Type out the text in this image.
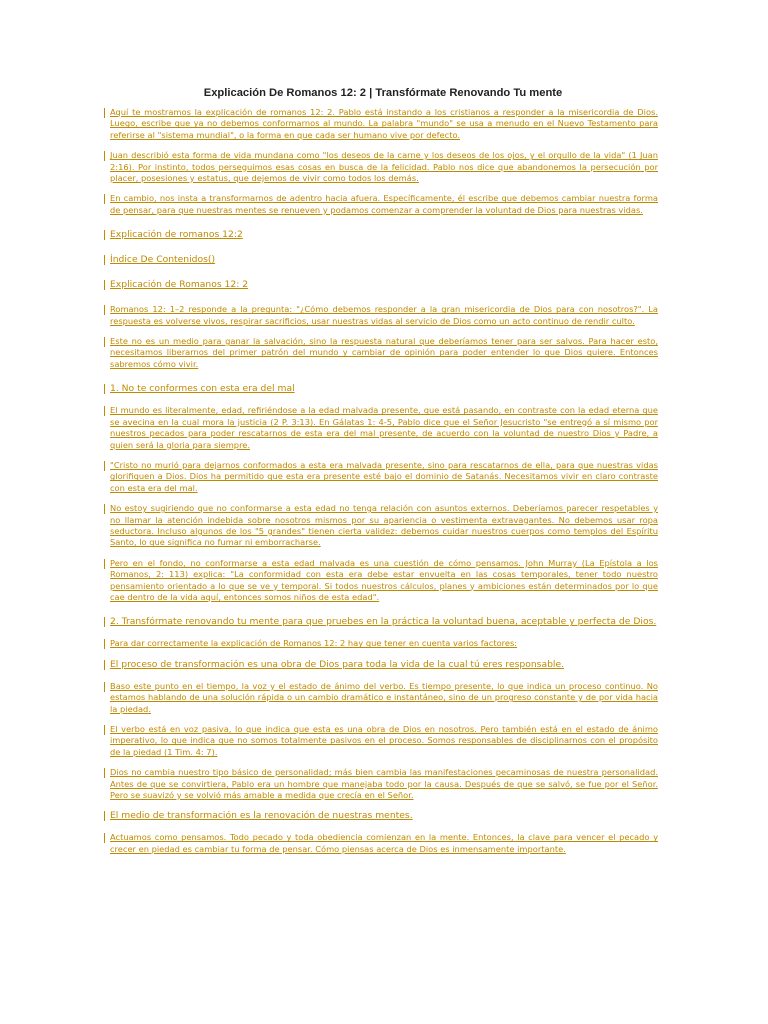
Explicación De Romanos 12: 2 | Transfórmate Renovando Tu mente
Aquí te mostramos la explicación de romanos 12: 2. Pablo está instando a los cristianos a responder a la misericordia de Dios. Luego, escribe que ya no debemos conformarnos al mundo. La palabra "mundo" se usa a menudo en el Nuevo Testamento para referirse al "sistema mundial", o la forma en que cada ser humano vive por defecto.
Juan describió esta forma de vida mundana como "los deseos de la carne y los deseos de los ojos, y el orgullo de la vida" (1 Juan 2:16). Por instinto, todos perseguimos esas cosas en busca de la felicidad. Pablo nos dice que abandonemos la persecución por placer, posesiones y estatus, que dejemos de vivir como todos los demás.
En cambio, nos insta a transformarnos de adentro hacia afuera. Específicamente, él escribe que debemos cambiar nuestra forma de pensar, para que nuestras mentes se renueven y podamos comenzar a comprender la voluntad de Dios para nuestras vidas.
Explicación de romanos 12:2
Índice De Contenidos()
Explicación de Romanos 12: 2
Romanos 12: 1–2 responde a la pregunta: "¿Cómo debemos responder a la gran misericordia de Dios para con nosotros?". La respuesta es volverse vivos, respirar sacrificios, usar nuestras vidas al servicio de Dios como un acto continuo de rendir culto.
Este no es un medio para ganar la salvación, sino la respuesta natural que deberíamos tener para ser salvos. Para hacer esto, necesitamos liberarnos del primer patrón del mundo y cambiar de opinión para poder entender lo que Dios quiere. Entonces sabremos cómo vivir.
1. No te conformes con esta era del mal
El mundo es literalmente, edad, refiriéndose a la edad malvada presente, que está pasando, en contraste con la edad eterna que se avecina en la cual mora la justicia (2 P. 3:13). En Gálatas 1: 4-5, Pablo dice que el Señor Jesucristo "se entregó a sí mismo por nuestros pecados para poder rescatarnos de esta era del mal presente, de acuerdo con la voluntad de nuestro Dios y Padre, a quien será la gloria para siempre.
"Cristo no murió para dejarnos conformados a esta era malvada presente, sino para rescatarnos de ella, para que nuestras vidas glorifiquen a Dios. Dios ha permitido que esta era presente esté bajo el dominio de Satanás. Necesitamos vivir en claro contraste con esta era del mal.
No estoy sugiriendo que no conformarse a esta edad no tenga relación con asuntos externos. Deberíamos parecer respetables y no llamar la atención indebida sobre nosotros mismos por su apariencia o vestimenta extravagantes. No debemos usar ropa seductora. Incluso algunos de los "5 grandes" tienen cierta validez: debemos cuidar nuestros cuerpos como templos del Espíritu Santo, lo que significa no fumar ni emborracharse.
Pero en el fondo, no conformarse a esta edad malvada es una cuestión de cómo pensamos. John Murray (La Epístola a los Romanos, 2: 113) explica: "La conformidad con esta era debe estar envuelta en las cosas temporales, tener todo nuestro pensamiento orientado a lo que se ve y temporal. Si todos nuestros cálculos, planes y ambiciones están determinados por lo que cae dentro de la vida aquí, entonces somos niños de esta edad".
2. Transfórmate renovando tu mente para que pruebes en la práctica la voluntad buena, aceptable y perfecta de Dios.
Para dar correctamente la explicación de Romanos 12: 2 hay que tener en cuenta varios factores:
El proceso de transformación es una obra de Dios para toda la vida de la cual tú eres responsable.
Baso este punto en el tiempo, la voz y el estado de ánimo del verbo. Es tiempo presente, lo que indica un proceso continuo. No estamos hablando de una solución rápida o un cambio dramático e instantáneo, sino de un progreso constante y de por vida hacia la piedad.
El verbo está en voz pasiva, lo que indica que esta es una obra de Dios en nosotros. Pero también está en el estado de ánimo imperativo, lo que indica que no somos totalmente pasivos en el proceso. Somos responsables de disciplinarnos con el propósito de la piedad (1 Tim. 4: 7).
Dios no cambia nuestro tipo básico de personalidad; más bien cambia las manifestaciones pecaminosas de nuestra personalidad. Antes de que se convirtiera, Pablo era un hombre que manejaba todo por la causa. Después de que se salvó, se fue por el Señor. Pero se suavizó y se volvió más amable a medida que crecía en el Señor.
El medio de transformación es la renovación de nuestras mentes.
Actuamos como pensamos. Todo pecado y toda obediencia comienzan en la mente. Entonces, la clave para vencer el pecado y crecer en piedad es cambiar tu forma de pensar. Cómo piensas acerca de Dios es inmensamente importante.
